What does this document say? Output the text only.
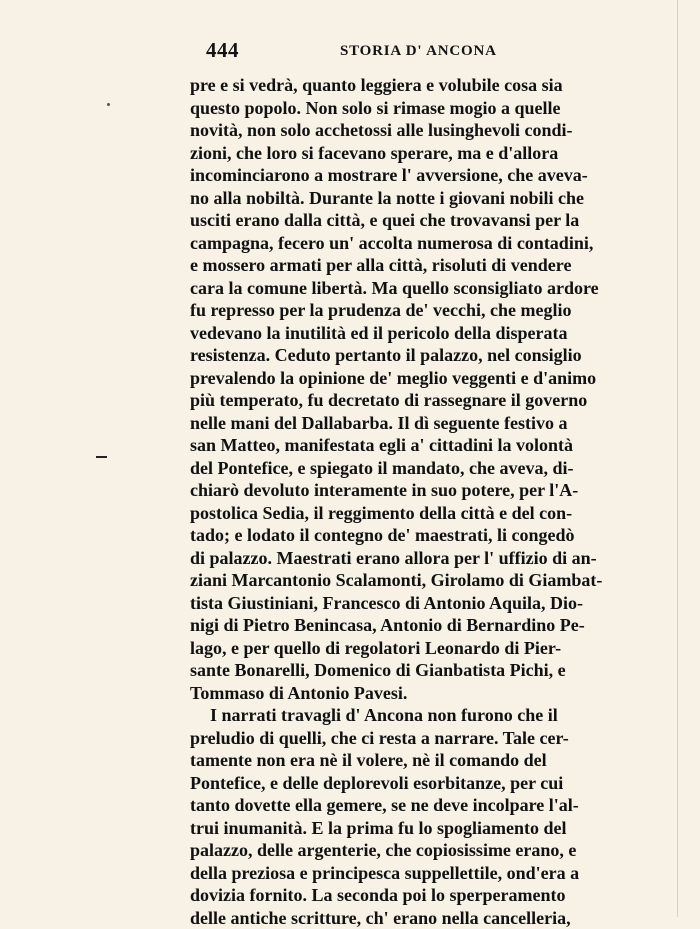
444	STORIA D' ANCONA
pre e si vedrà, quanto leggiera e volubile cosa sia
questo popolo. Non solo si rimase mogio a quelle
novità, non solo acchetossi alle lusinghevoli condi-
zioni, che loro si facevano sperare, ma e d'allora
incominciarono a mostrare l' avversione, che aveva-
no alla nobiltà. Durante la notte i giovani nobili che
usciti erano dalla città, e quei che trovavansi per la
campagna, fecero un' accolta numerosa di contadini,
e mossero armati per alla città, risoluti di vendere
cara la comune libertà. Ma quello sconsigliato ardore
fu represso per la prudenza de' vecchi, che meglio
vedevano la inutilità ed il pericolo della disperata
resistenza. Ceduto pertanto il palazzo, nel consiglio
prevalendo la opinione de' meglio veggenti e d'animo
più temperato, fu decretato di rassegnare il governo
nelle mani del Dallabarba. Il dì seguente festivo a
san Matteo, manifestata egli a' cittadini la volontà
del Pontefice, e spiegato il mandato, che aveva, di-
chiarò devoluto interamente in suo potere, per l'A-
postolica Sedia, il reggimento della città e del con-
tado; e lodato il contegno de' maestrati, li congedò
di palazzo. Maestrati erano allora per l' uffizio di an-
ziani Marcantonio Scalamonti, Girolamo di Giambat-
tista Giustiniani, Francesco di Antonio Aquila, Dio-
nigi di Pietro Benincasa, Antonio di Bernardino Pe-
lago, e per quello di regolatori Leonardo di Pier-
sante Bonarelli, Domenico di Gianbatista Pichi, e
Tommaso di Antonio Pavesi.
I narrati travagli d' Ancona non furono che il
preludio di quelli, che ci resta a narrare. Tale cer-
tamente non era nè il volere, nè il comando del
Pontefice, e delle deplorevoli esorbitanze, per cui
tanto dovette ella gemere, se ne deve incolpare l'al-
trui inumanità. E la prima fu lo spogliamento del
palazzo, delle argenterie, che copiosissime erano, e
della preziosa e principesca suppellettile, ond'era a
dovizia fornito. La seconda poi lo sperperamento
delle antiche scritture, ch' erano nella cancelleria,
